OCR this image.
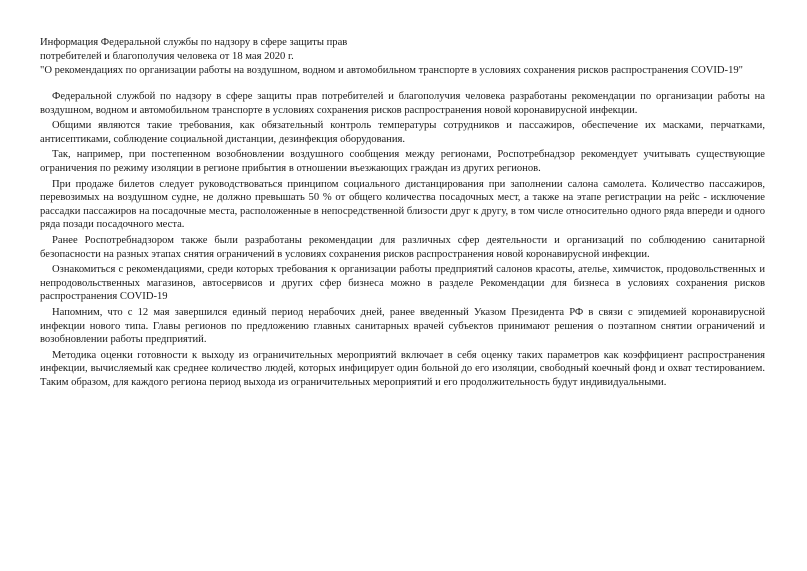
Информация Федеральной службы по надзору в сфере защиты прав
потребителей и благополучия человека от 18 мая 2020 г.
"О рекомендациях по организации работы на воздушном, водном и автомобильном транспорте в условиях сохранения рисков распространения COVID-19"

Федеральной службой по надзору в сфере защиты прав потребителей и благополучия человека разработаны рекомендации по организации работы на воздушном, водном и автомобильном транспорте в условиях сохранения рисков распространения новой коронавирусной инфекции.

Общими являются такие требования, как обязательный контроль температуры сотрудников и пассажиров, обеспечение их масками, перчатками, антисептиками, соблюдение социальной дистанции, дезинфекция оборудования.

Так, например, при постепенном возобновлении воздушного сообщения между регионами, Роспотребнадзор рекомендует учитывать существующие ограничения по режиму изоляции в регионе прибытия в отношении въезжающих граждан из других регионов.

При продаже билетов следует руководствоваться принципом социального дистанцирования при заполнении салона самолета. Количество пассажиров, перевозимых на воздушном судне, не должно превышать 50 % от общего количества посадочных мест, а также на этапе регистрации на рейс - исключение рассадки пассажиров на посадочные места, расположенные в непосредственной близости друг к другу, в том числе относительно одного ряда впереди и одного ряда позади посадочного места.

Ранее Роспотребнадзором также были разработаны рекомендации для различных сфер деятельности и организаций по соблюдению санитарной безопасности на разных этапах снятия ограничений в условиях сохранения рисков распространения новой коронавирусной инфекции.

Ознакомиться с рекомендациями, среди которых требования к организации работы предприятий салонов красоты, ателье, химчисток, продовольственных и непродовольственных магазинов, автосервисов и других сфер бизнеса можно в разделе Рекомендации для бизнеса в условиях сохранения рисков распространения COVID-19

Напомним, что с 12 мая завершился единый период нерабочих дней, ранее введенный Указом Президента РФ в связи с эпидемией коронавирусной инфекции нового типа. Главы регионов по предложению главных санитарных врачей субъектов принимают решения о поэтапном снятии ограничений и возобновлении работы предприятий.

Методика оценки готовности к выходу из ограничительных мероприятий включает в себя оценку таких параметров как коэффициент распространения инфекции, вычисляемый как среднее количество людей, которых инфицирует один больной до его изоляции, свободный коечный фонд и охват тестированием. Таким образом, для каждого региона период выхода из ограничительных мероприятий и его продолжительность будут индивидуальными.
